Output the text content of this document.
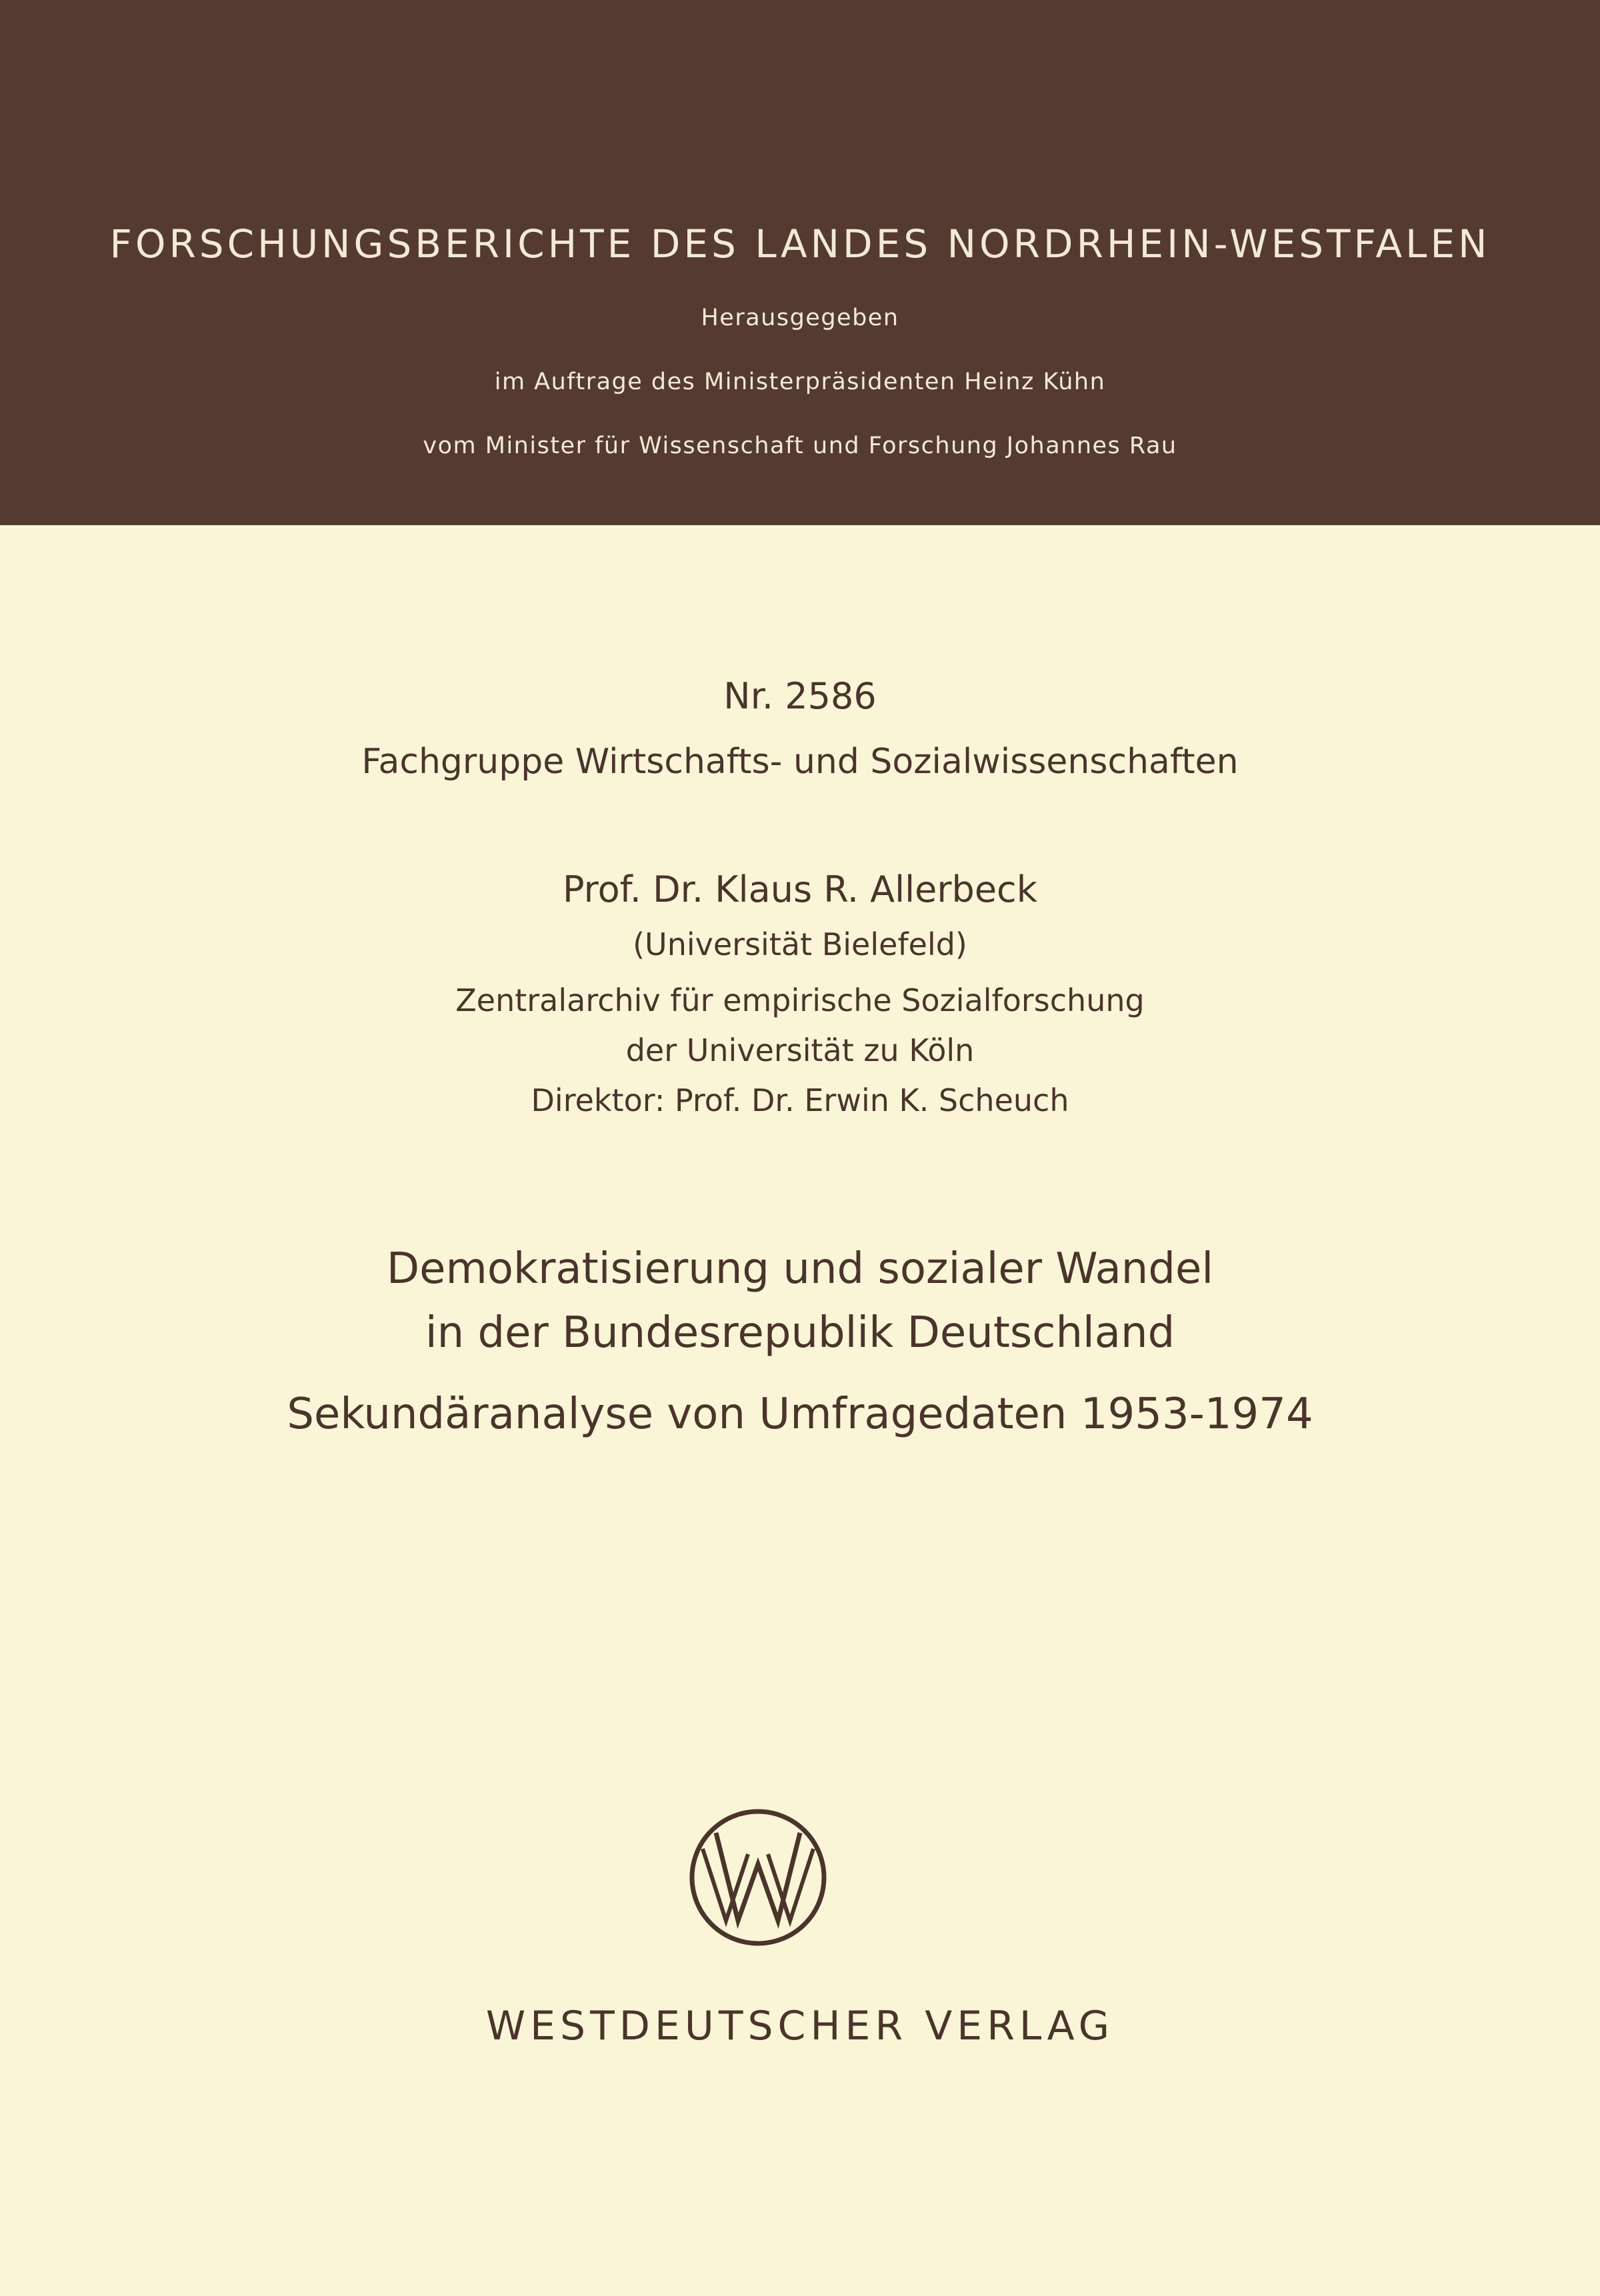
FORSCHUNGSBERICHTE DES LANDES NORDRHEIN-WESTFALEN
Herausgegeben
im Auftrage des Ministerpräsidenten Heinz Kühn
vom Minister für Wissenschaft und Forschung Johannes Rau
Nr. 2586
Fachgruppe Wirtschafts- und Sozialwissenschaften
Prof. Dr. Klaus R. Allerbeck
(Universität Bielefeld)
Zentralarchiv für empirische Sozialforschung
der Universität zu Köln
Direktor: Prof. Dr. Erwin K. Scheuch
Demokratisierung und sozialer Wandel
in der Bundesrepublik Deutschland
Sekundäranalyse von Umfragedaten 1953-1974
WESTDEUTSCHER VERLAG
